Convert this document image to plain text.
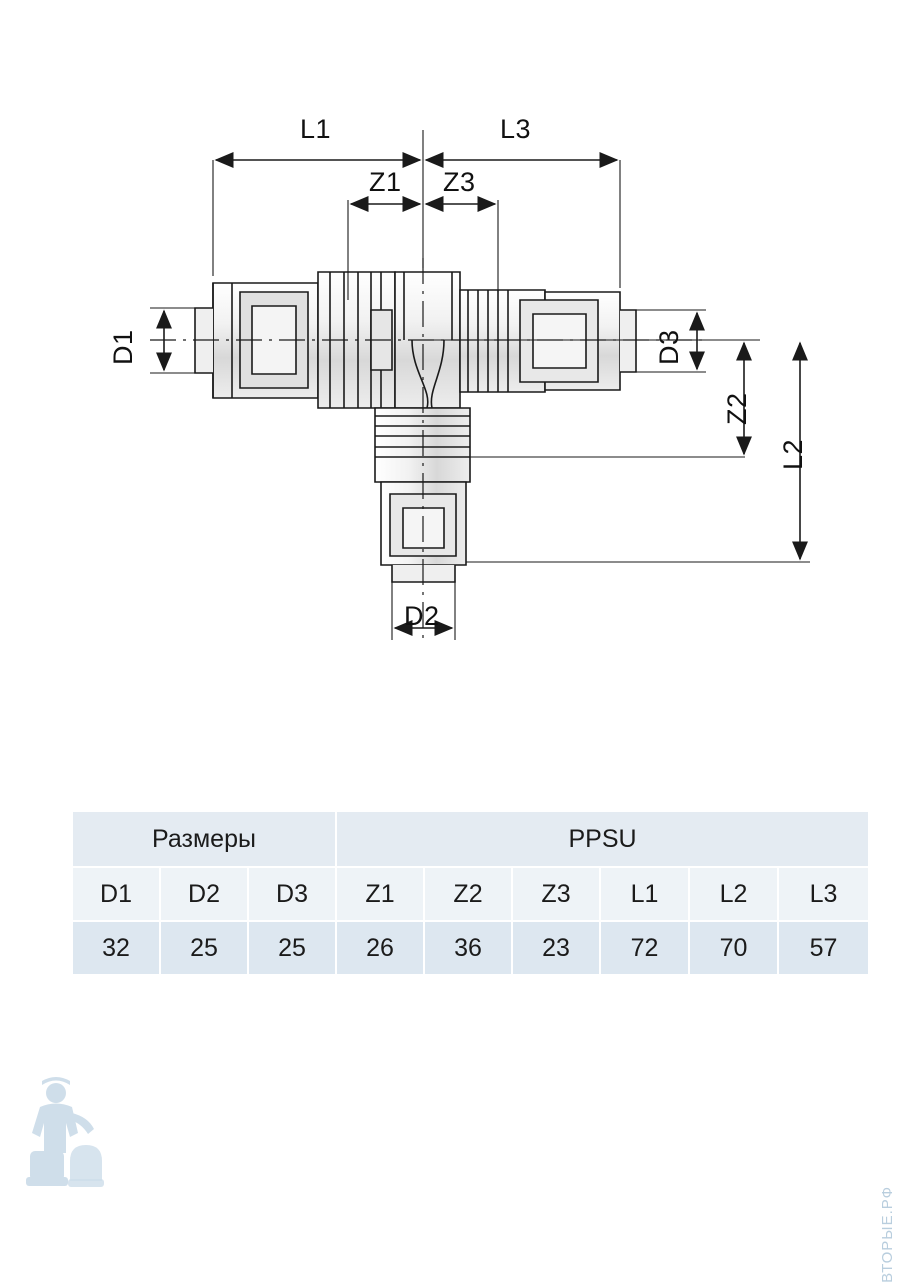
L1	L3
Z1 Z3
D1	D3
D2
Z2
L2
Размеры			PPSU					
D1	D2	D3	Z1	Z2	Z3	L1	L2	L3
32	25	25	26	36	23	72	70	57
ВТОРЫЕ.РФ
